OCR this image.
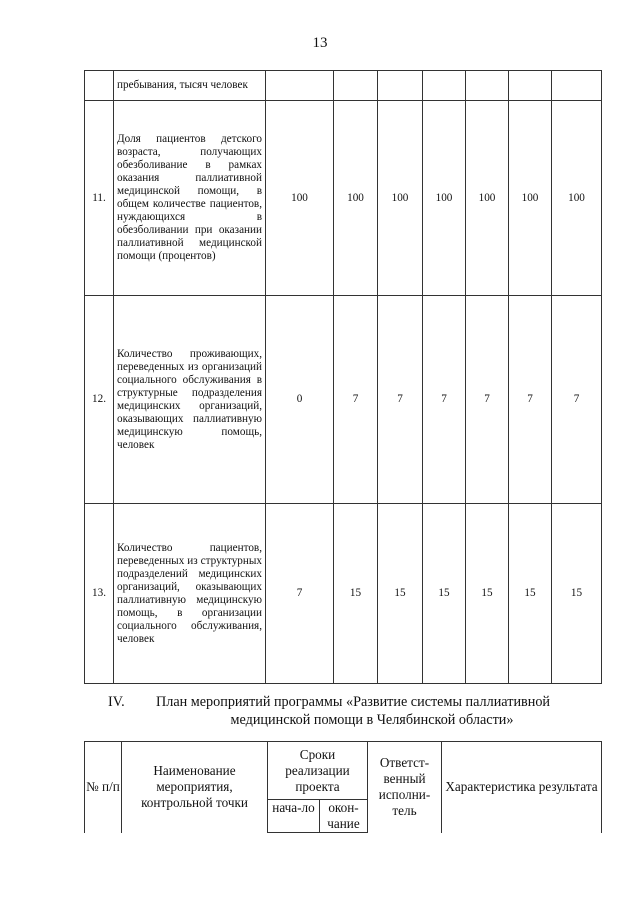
13
	пребывания, тысяч человек							
11.	Доля пациентов детского возраста, получающих обезболивание в рамках оказания паллиативной медицинской помощи, в общем количестве пациентов, нуждающихся в обезболивании при оказании паллиативной медицинской помощи (процентов)	100	100	100	100	100	100	100
12.	Количество проживающих, переведенных из организаций социального обслуживания в структурные подразделения медицинских организаций, оказывающих паллиативную медицинскую помощь, человек	0	7	7	7	7	7	7
13.	Количество пациентов, переведенных из структурных подразделений медицинских организаций, оказывающих паллиативную медицинскую помощь, в организации социального обслуживания, человек	7	15	15	15	15	15	15
IV. План мероприятий программы «Развитие системы паллиативной
медицинской помощи в Челябинской области»
№ п/п	Наименование мероприятия, контрольной точки	Сроки реализации проекта		Ответст-венный исполни-тель	Характеристика результата
		нача-ло	окон-чание		
